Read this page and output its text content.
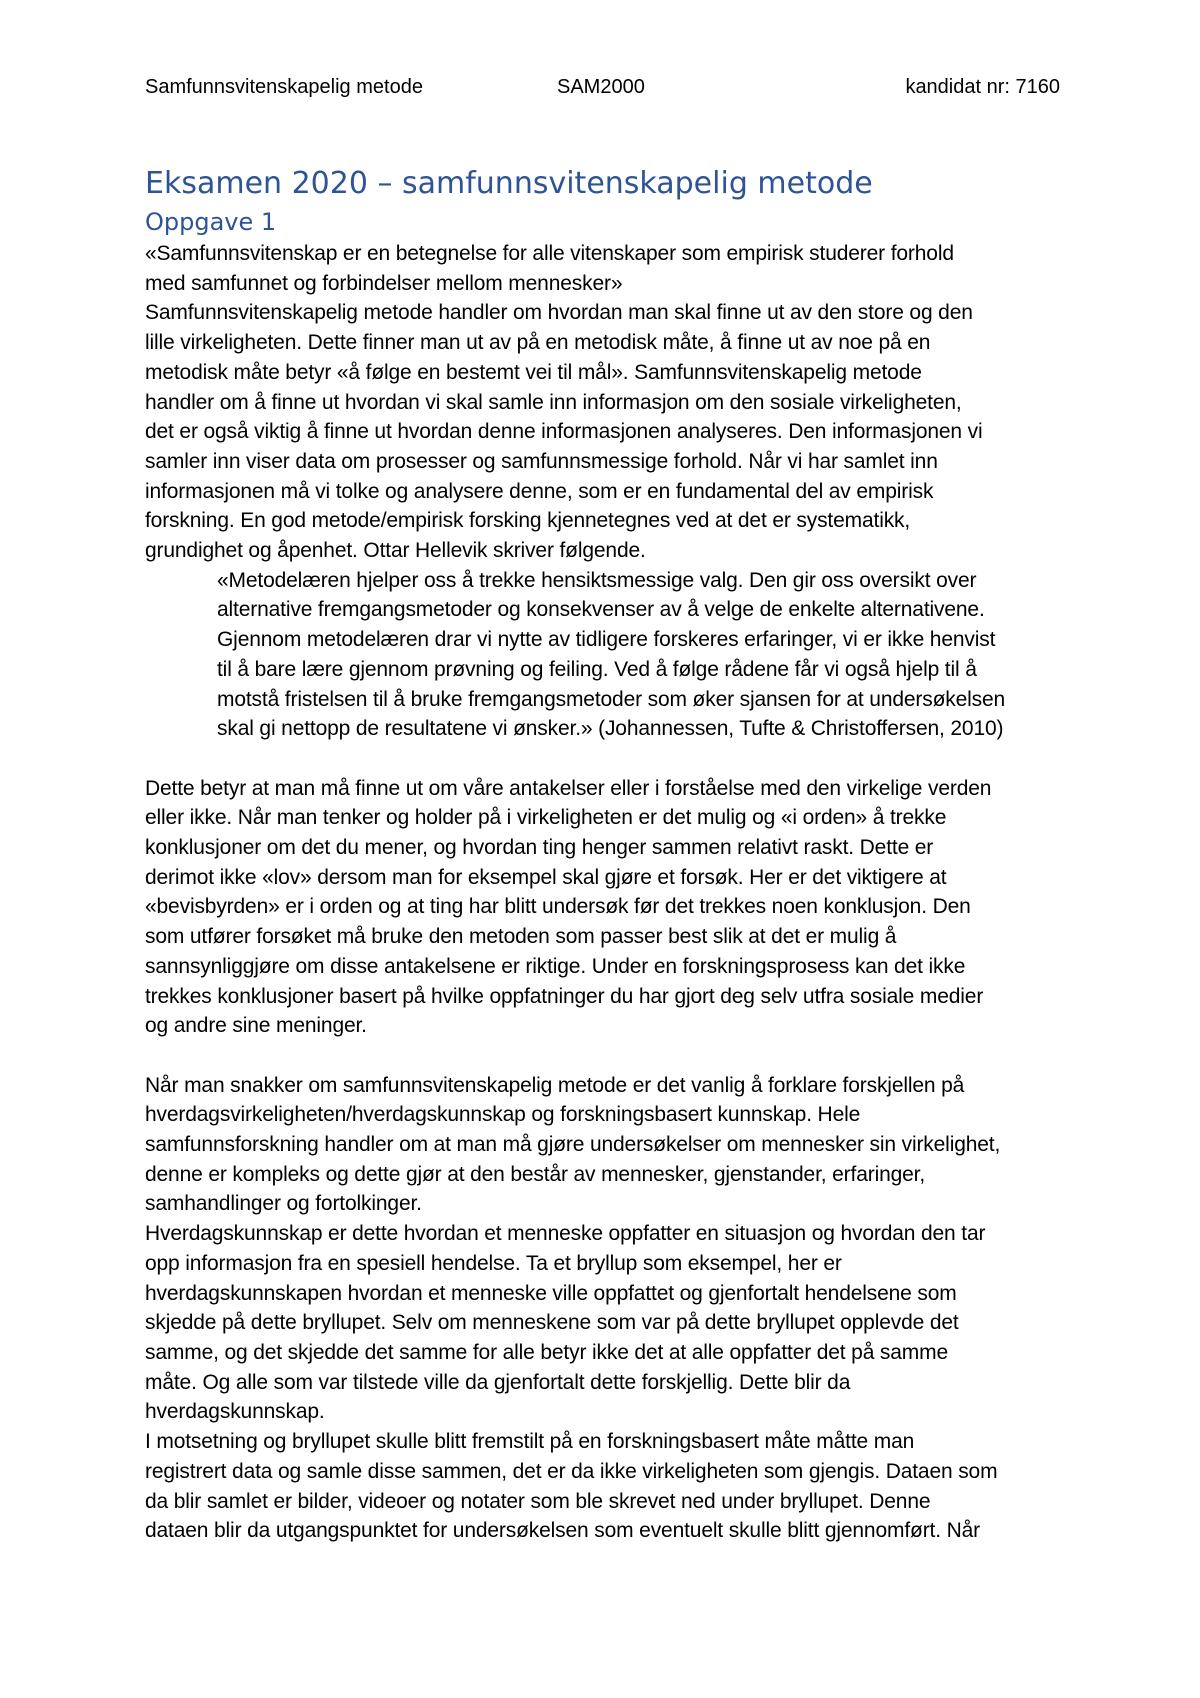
Samfunnsvitenskapelig metode	SAM2000	kandidat nr: 7160
Eksamen 2020 – samfunnsvitenskapelig metode
Oppgave 1

«Samfunnsvitenskap er en betegnelse for alle vitenskaper som empirisk studerer forhold
med samfunnet og forbindelser mellom mennesker»

Samfunnsvitenskapelig metode handler om hvordan man skal finne ut av den store og den
lille virkeligheten. Dette finner man ut av på en metodisk måte, å finne ut av noe på en
metodisk måte betyr «å følge en bestemt vei til mål». Samfunnsvitenskapelig metode
handler om å finne ut hvordan vi skal samle inn informasjon om den sosiale virkeligheten,
det er også viktig å finne ut hvordan denne informasjonen analyseres. Den informasjonen vi
samler inn viser data om prosesser og samfunnsmessige forhold. Når vi har samlet inn
informasjonen må vi tolke og analysere denne, som er en fundamental del av empirisk
forskning. En god metode/empirisk forsking kjennetegnes ved at det er systematikk,
grundighet og åpenhet. Ottar Hellevik skriver følgende.

«Metodelæren hjelper oss å trekke hensiktsmessige valg. Den gir oss oversikt over
alternative fremgangsmetoder og konsekvenser av å velge de enkelte alternativene.
Gjennom metodelæren drar vi nytte av tidligere forskeres erfaringer, vi er ikke henvist
til å bare lære gjennom prøvning og feiling. Ved å følge rådene får vi også hjelp til å
motstå fristelsen til å bruke fremgangsmetoder som øker sjansen for at undersøkelsen
skal gi nettopp de resultatene vi ønsker.» (Johannessen, Tufte & Christoffersen, 2010)

Dette betyr at man må finne ut om våre antakelser eller i forståelse med den virkelige verden
eller ikke. Når man tenker og holder på i virkeligheten er det mulig og «i orden» å trekke
konklusjoner om det du mener, og hvordan ting henger sammen relativt raskt. Dette er
derimot ikke «lov» dersom man for eksempel skal gjøre et forsøk. Her er det viktigere at
«bevisbyrden» er i orden og at ting har blitt undersøk før det trekkes noen konklusjon. Den
som utfører forsøket må bruke den metoden som passer best slik at det er mulig å
sannsynliggjøre om disse antakelsene er riktige. Under en forskningsprosess kan det ikke
trekkes konklusjoner basert på hvilke oppfatninger du har gjort deg selv utfra sosiale medier
og andre sine meninger.

Når man snakker om samfunnsvitenskapelig metode er det vanlig å forklare forskjellen på
hverdagsvirkeligheten/hverdagskunnskap og forskningsbasert kunnskap. Hele
samfunnsforskning handler om at man må gjøre undersøkelser om mennesker sin virkelighet,
denne er kompleks og dette gjør at den består av mennesker, gjenstander, erfaringer,
samhandlinger og fortolkinger.

Hverdagskunnskap er dette hvordan et menneske oppfatter en situasjon og hvordan den tar
opp informasjon fra en spesiell hendelse. Ta et bryllup som eksempel, her er
hverdagskunnskapen hvordan et menneske ville oppfattet og gjenfortalt hendelsene som
skjedde på dette bryllupet. Selv om menneskene som var på dette bryllupet opplevde det
samme, og det skjedde det samme for alle betyr ikke det at alle oppfatter det på samme
måte. Og alle som var tilstede ville da gjenfortalt dette forskjellig. Dette blir da
hverdagskunnskap.

I motsetning og bryllupet skulle blitt fremstilt på en forskningsbasert måte måtte man
registrert data og samle disse sammen, det er da ikke virkeligheten som gjengis. Dataen som
da blir samlet er bilder, videoer og notater som ble skrevet ned under bryllupet. Denne
dataen blir da utgangspunktet for undersøkelsen som eventuelt skulle blitt gjennomført. Når
